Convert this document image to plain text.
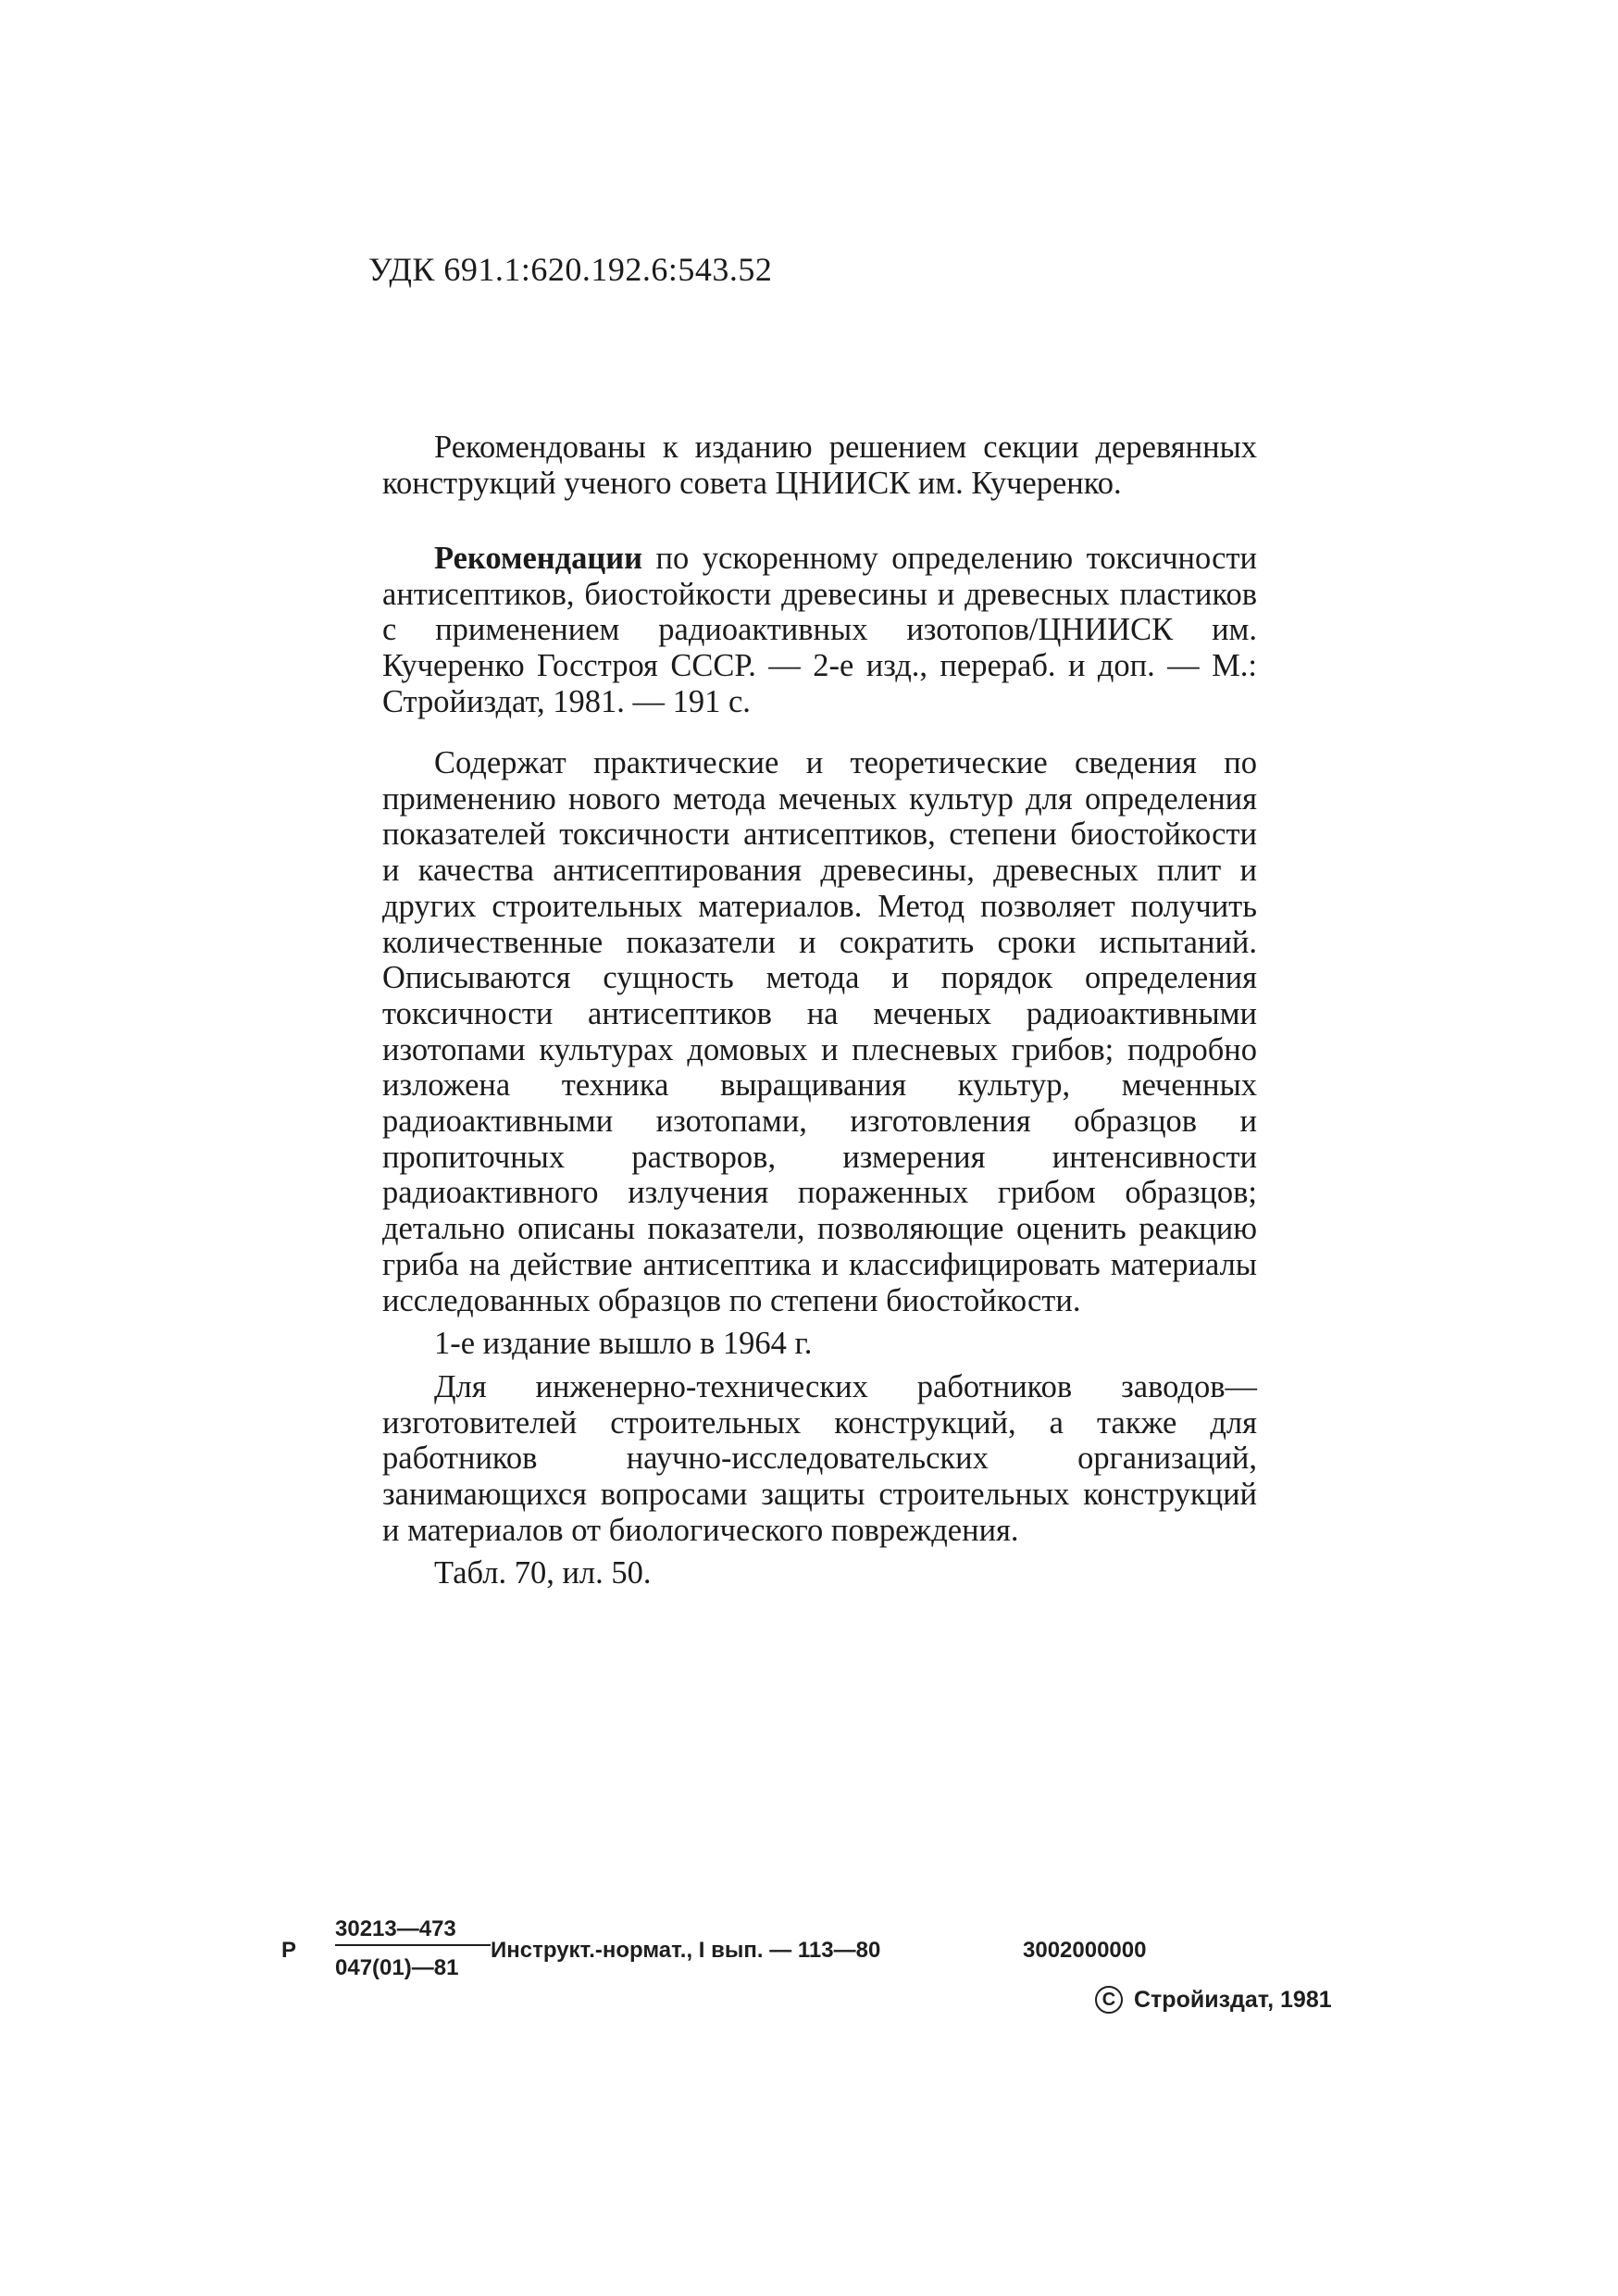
УДК 691.1:620.192.6:543.52

Рекомендованы к изданию решением секции деревянных конструкций ученого совета ЦНИИСК им. Кучеренко.

Рекомендации по ускоренному определению токсичности антисептиков, биостойкости древесины и древесных пластиков с применением радиоактивных изотопов/ЦНИИСК им. Кучеренко Госстроя СССР. — 2-е изд., перераб. и доп. — М.: Стройиздат, 1981. — 191 с.

Содержат практические и теоретические сведения по применению нового метода меченых культур для определения показателей токсичности антисептиков, степени биостойкости и качества антисептирования древесины, древесных плит и других строительных материалов. Метод позволяет получить количественные показатели и сократить сроки испытаний. Описываются сущность метода и порядок определения токсичности антисептиков на меченых радиоактивными изотопами культурах домовых и плесневых грибов; подробно изложена техника выращивания культур, меченных радиоактивными изотопами, изготовления образцов и пропиточных растворов, измерения интенсивности радиоактивного излучения пораженных грибом образцов; детально описаны показатели, позволяющие оценить реакцию гриба на действие антисептика и классифицировать материалы исследованных образцов по степени биостойкости.

1-е издание вышло в 1964 г.

Для инженерно-технических работников заводов—изготовителей строительных конструкций, а также для работников научно-исследовательских организаций, занимающихся вопросами защиты строительных конструкций и материалов от биологического повреждения.

Табл. 70, ил. 50.

Р
30213—473
047(01)—81
Инструкт.-нормат., I вып. — 113—80	3002000000
С Стройиздат, 1981
